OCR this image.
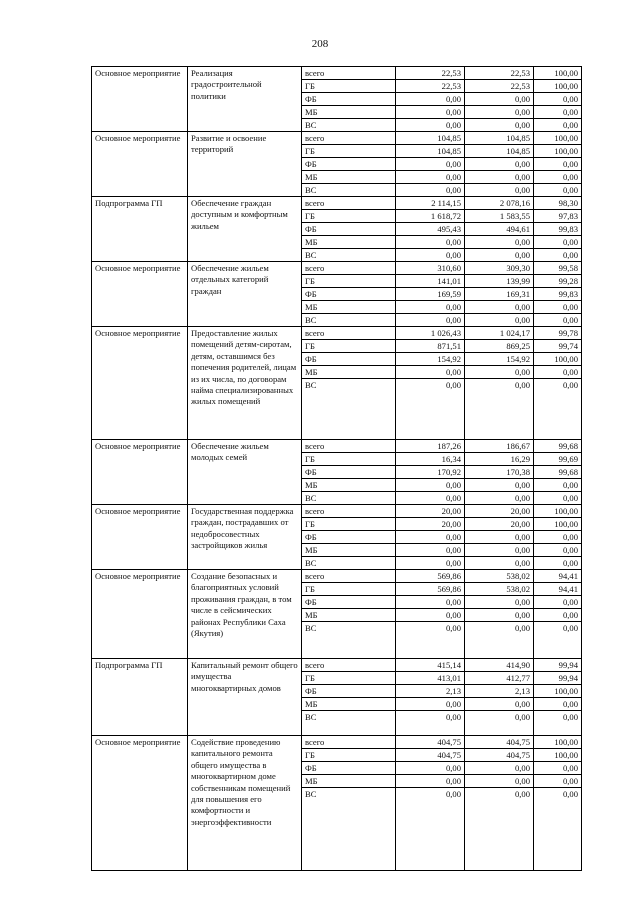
208
Основное мероприятие	Реализация градостроительной политики	всего	22,53	22,53	100,00
		ГБ	22,53	22,53	100,00
		ФБ	0,00	0,00	0,00
		МБ	0,00	0,00	0,00
		ВС	0,00	0,00	0,00
Основное мероприятие	Развитие и освоение территорий	всего	104,85	104,85	100,00
		ГБ	104,85	104,85	100,00
		ФБ	0,00	0,00	0,00
		МБ	0,00	0,00	0,00
		ВС	0,00	0,00	0,00
Подпрограмма ГП	Обеспечение граждан доступным и комфортным жильем	всего	2 114,15	2 078,16	98,30
		ГБ	1 618,72	1 583,55	97,83
		ФБ	495,43	494,61	99,83
		МБ	0,00	0,00	0,00
		ВС	0,00	0,00	0,00
Основное мероприятие	Обеспечение жильем отдельных категорий граждан	всего	310,60	309,30	99,58
		ГБ	141,01	139,99	99,28
		ФБ	169,59	169,31	99,83
		МБ	0,00	0,00	0,00
		ВС	0,00	0,00	0,00
Основное мероприятие	Предоставление жилых помещений детям-сиротам, детям, оставшимся без попечения родителей, лицам из их числа, по договорам найма специализированных жилых помещений	всего	1 026,43	1 024,17	99,78
		ГБ	871,51	869,25	99,74
		ФБ	154,92	154,92	100,00
		МБ	0,00	0,00	0,00
		ВС	0,00	0,00	0,00
Основное мероприятие	Обеспечение жильем молодых семей	всего	187,26	186,67	99,68
		ГБ	16,34	16,29	99,69
		ФБ	170,92	170,38	99,68
		МБ	0,00	0,00	0,00
		ВС	0,00	0,00	0,00
Основное мероприятие	Государственная поддержка граждан, пострадавших от недобросовестных застройщиков жилья	всего	20,00	20,00	100,00
		ГБ	20,00	20,00	100,00
		ФБ	0,00	0,00	0,00
		МБ	0,00	0,00	0,00
		ВС	0,00	0,00	0,00
Основное мероприятие	Создание безопасных и благоприятных условий проживания граждан, в том числе в сейсмических районах Республики Саха (Якутия)	всего	569,86	538,02	94,41
		ГБ	569,86	538,02	94,41
		ФБ	0,00	0,00	0,00
		МБ	0,00	0,00	0,00
		ВС	0,00	0,00	0,00
Подпрограмма ГП	Капитальный ремонт общего имущества многоквартирных домов	всего	415,14	414,90	99,94
		ГБ	413,01	412,77	99,94
		ФБ	2,13	2,13	100,00
		МБ	0,00	0,00	0,00
		ВС	0,00	0,00	0,00
Основное мероприятие	Содействие проведению капитального ремонта общего имущества в многоквартирном доме собственникам помещений для повышения его комфортности и энергоэффективности	всего	404,75	404,75	100,00
		ГБ	404,75	404,75	100,00
		ФБ	0,00	0,00	0,00
		МБ	0,00	0,00	0,00
		ВС	0,00	0,00	0,00
